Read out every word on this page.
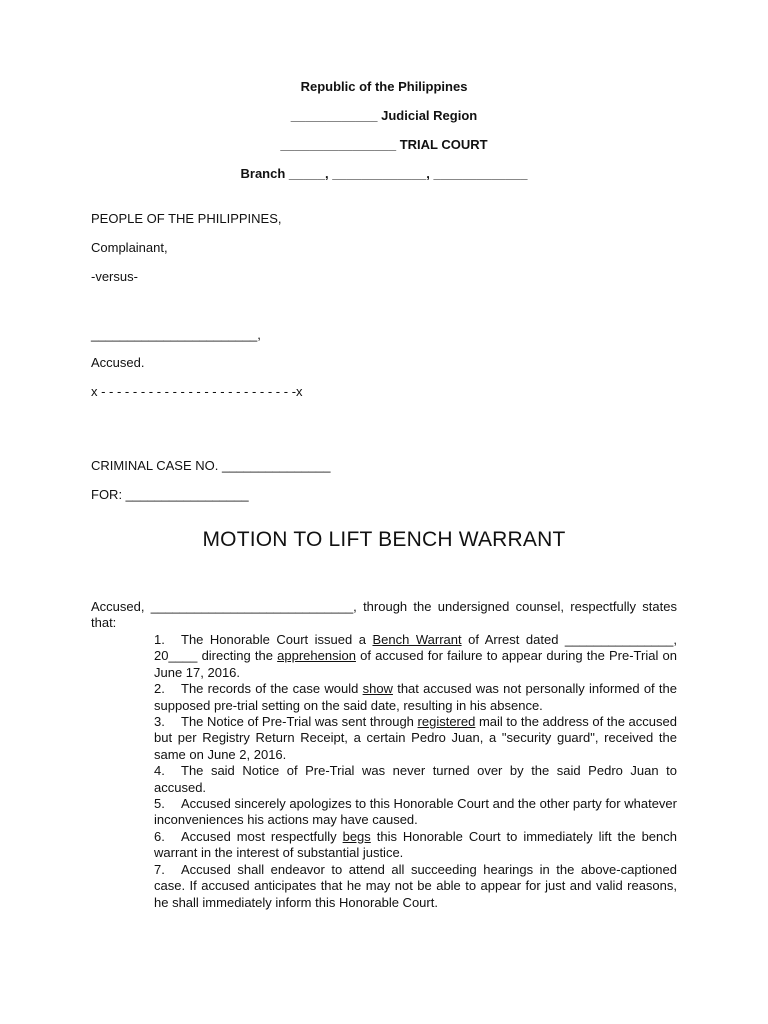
Republic of the Philippines
____________ Judicial Region
________________ TRIAL COURT
Branch _____, _____________, _____________
PEOPLE OF THE PHILIPPINES,
Complainant,
-versus-
_______________________,
Accused.
x - - - - - - - - - - - - - - - - - - - - - - - - -x
CRIMINAL CASE NO. _______________
FOR: _________________
MOTION TO LIFT BENCH WARRANT
Accused, ____________________________, through the undersigned counsel, respectfully states that:
1. The Honorable Court issued a Bench Warrant of Arrest dated _______________, 20____ directing the apprehension of accused for failure to appear during the Pre-Trial on June 17, 2016.
2. The records of the case would show that accused was not personally informed of the supposed pre-trial setting on the said date, resulting in his absence.
3. The Notice of Pre-Trial was sent through registered mail to the address of the accused but per Registry Return Receipt, a certain Pedro Juan, a "security guard", received the same on June 2, 2016.
4. The said Notice of Pre-Trial was never turned over by the said Pedro Juan to accused.
5. Accused sincerely apologizes to this Honorable Court and the other party for whatever inconveniences his actions may have caused.
6. Accused most respectfully begs this Honorable Court to immediately lift the bench warrant in the interest of substantial justice.
7. Accused shall endeavor to attend all succeeding hearings in the above-captioned case. If accused anticipates that he may not be able to appear for just and valid reasons, he shall immediately inform this Honorable Court.
